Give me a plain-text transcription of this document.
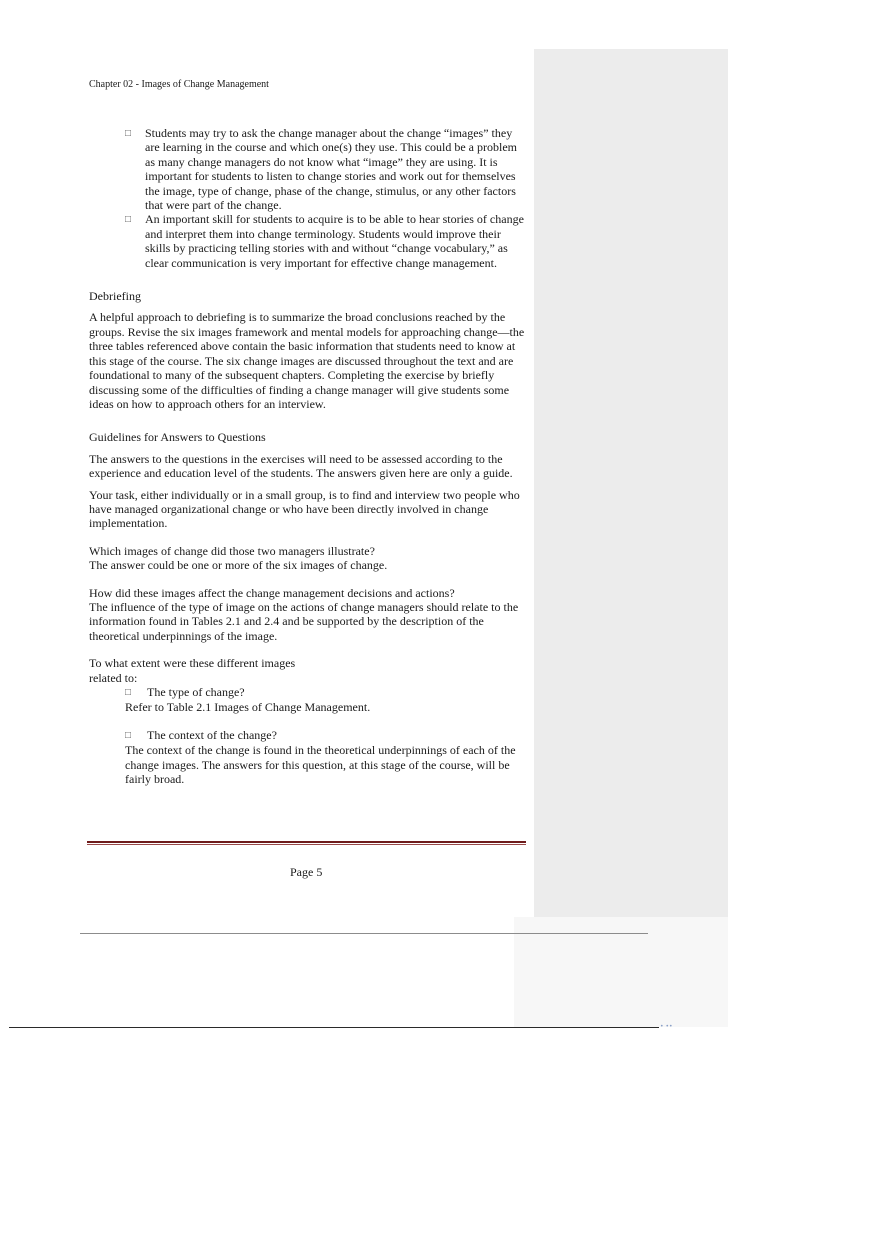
Chapter 02 - Images of Change Management
□	Students may try to ask the change manager about the change “images” they are learning in the course and which one(s) they use. This could be a problem as many change managers do not know what “image” they are using. It is important for students to listen to change stories and work out for themselves the image, type of change, phase of the change, stimulus, or any other factors that were part of the change.

□	An important skill for students to acquire is to be able to hear stories of change and interpret them into change terminology. Students would improve their skills by practicing telling stories with and without “change vocabulary,” as clear communication is very important for effective change management.

Debriefing

A helpful approach to debriefing is to summarize the broad conclusions reached by the groups. Revise the six images framework and mental models for approaching change—the three tables referenced above contain the basic information that students need to know at this stage of the course. The six change images are discussed throughout the text and are foundational to many of the subsequent chapters. Completing the exercise by briefly discussing some of the difficulties of finding a change manager will give students some ideas on how to approach others for an interview.

Guidelines for Answers to Questions

The answers to the questions in the exercises will need to be assessed according to the experience and education level of the students. The answers given here are only a guide.

Your task, either individually or in a small group, is to find and interview two people who have managed organizational change or who have been directly involved in change implementation.

Which images of change did those two managers illustrate?

The answer could be one or more of the six images of change.

How did these images affect the change management decisions and actions?

The influence of the type of image on the actions of change managers should relate to the information found in Tables 2.1 and 2.4 and be supported by the description of the theoretical underpinnings of the image.

To what extent were these different images

related to:

□	The type of change?

Refer to Table 2.1 Images of Change Management.

□	The context of the change?

The context of the change is found in the theoretical underpinnings of each of the change images. The answers for this question, at this stage of the course, will be fairly broad.

Page 5
• ••
